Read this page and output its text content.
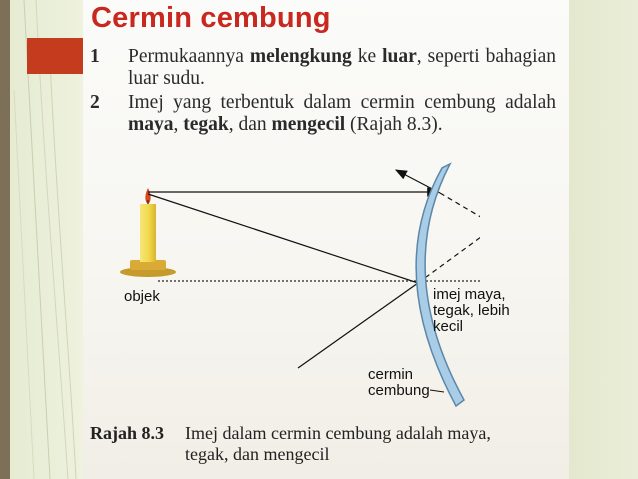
Cermin cembung
1 Permukaannya melengkung ke luar, seperti bahagian luar sudu.
2 Imej yang terbentuk dalam cermin cembung adalah maya, tegak, dan mengecil (Rajah 8.3).
objek	imej maya,
tegak, lebih
kecil
cermin
cembung
Rajah 8.3 Imej dalam cermin cembung adalah maya,
tegak, dan mengecil
